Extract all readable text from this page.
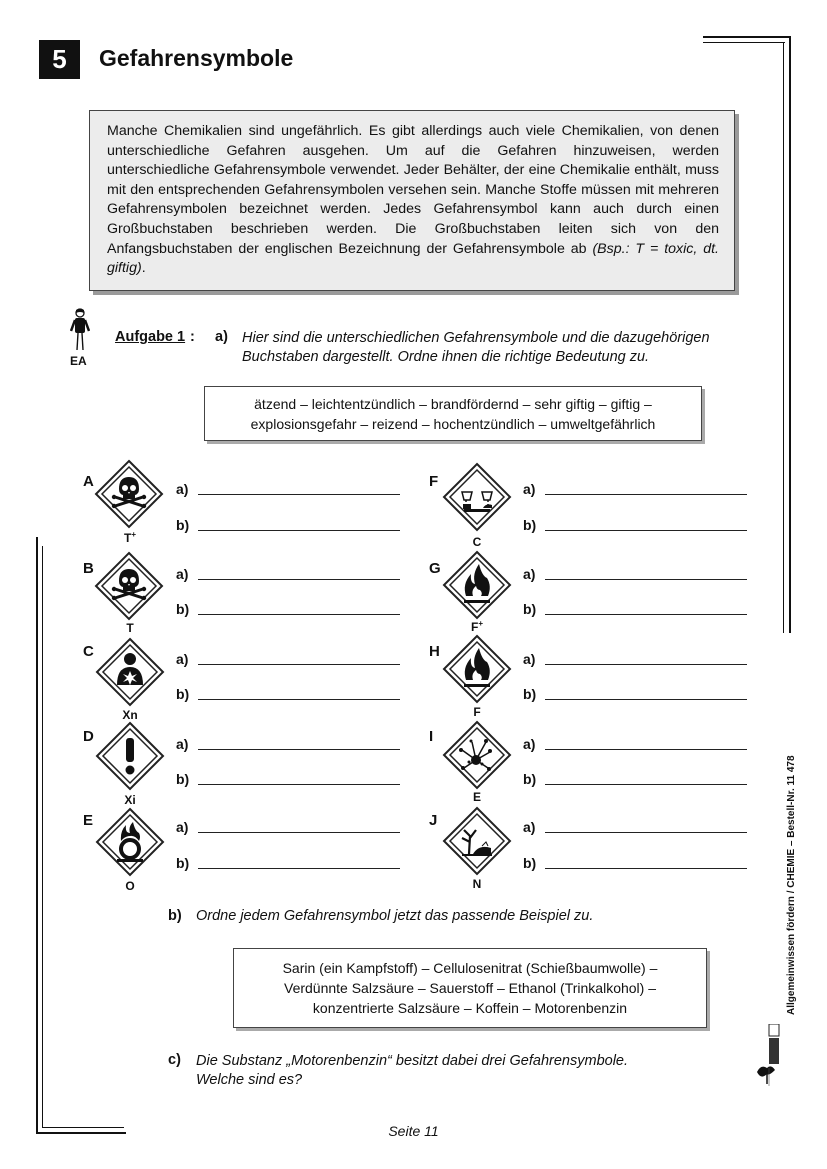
5	Gefahrensymbole
Manche Chemikalien sind ungefährlich. Es gibt allerdings auch viele Chemikalien, von denen unterschiedliche Gefahren ausgehen. Um auf die Gefahren hinzuweisen, werden unterschiedliche Gefahrensymbole verwendet. Jeder Behälter, der eine Chemikalie enthält, muss mit den entsprechenden Gefahrensymbolen versehen sein. Manche Stoffe müssen mit mehreren Gefahrensymbolen bezeichnet werden. Jedes Gefahrensymbol kann auch durch einen Großbuchstaben beschrieben werden. Die Großbuchstaben leiten sich von den Anfangsbuchstaben der englischen Bezeichnung der Gefahrensymbole ab (Bsp.: T = toxic, dt. giftig).
EA
Aufgabe 1 : a) Hier sind die unterschiedlichen Gefahrensymbole und die dazugehörigen Buchstaben dargestellt. Ordne ihnen die richtige Bedeutung zu.
ätzend – leichtentzündlich – brandfördernd – sehr giftig – giftig –
explosionsgefahr – reizend – hochentzündlich – umweltgefährlich
A
T+
B
T
C
Xn
D
Xi
E
O
F
C
G
F+
H
F
I
E
J
N
a)
b)
a)
b)
a)
b)
a)
b)
a)
b)
a)
b)
a)
b)
a)
b)
a)
b)
a)
b)
b) Ordne jedem Gefahrensymbol jetzt das passende Beispiel zu.
Sarin (ein Kampfstoff) – Cellulosenitrat (Schießbaumwolle) –
Verdünnte Salzsäure – Sauerstoff – Ethanol (Trinkalkohol) –
konzentrierte Salzsäure – Koffein – Motorenbenzin
c) Die Substanz „Motorenbenzin“ besitzt dabei drei Gefahrensymbole. Welche sind es?
Seite 11
Allgemeinwissen fördern / CHEMIE – Bestell-Nr. 11 478
